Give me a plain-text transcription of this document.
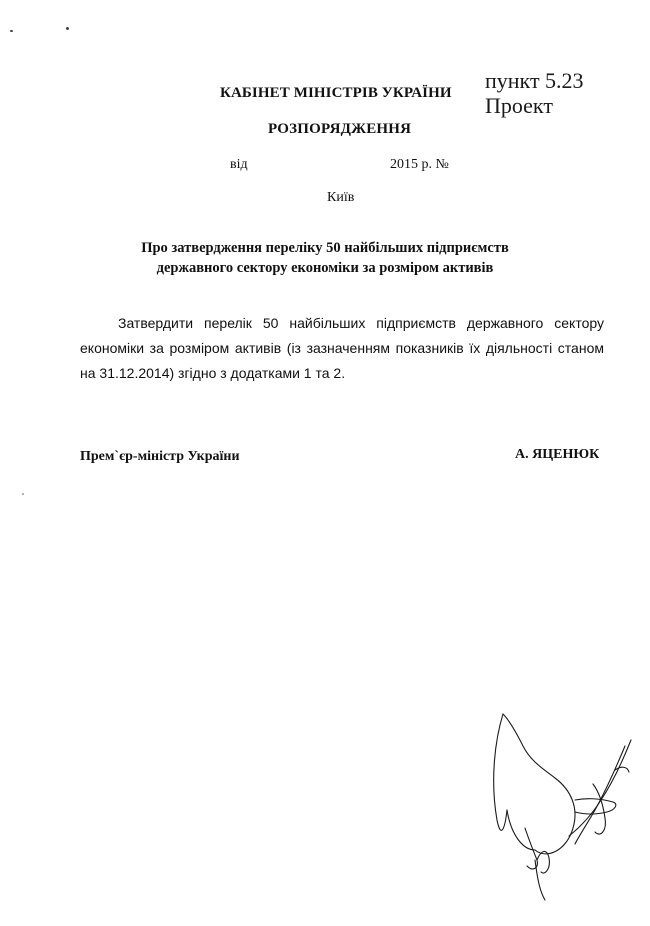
пункт 5.23
Проект
КАБІНЕТ МІНІСТРІВ УКРАЇНИ
РОЗПОРЯДЖЕННЯ
від	2015 р. №
Київ
Про затвердження переліку 50 найбільших підприємств
державного сектору економіки за розміром активів
Затвердити перелік 50 найбільших підприємств державного сектору економіки за розміром активів (із зазначенням показників їх діяльності станом на 31.12.2014) згідно з додатками 1 та 2.
Прем`єр-міністр України	А. ЯЦЕНЮК
